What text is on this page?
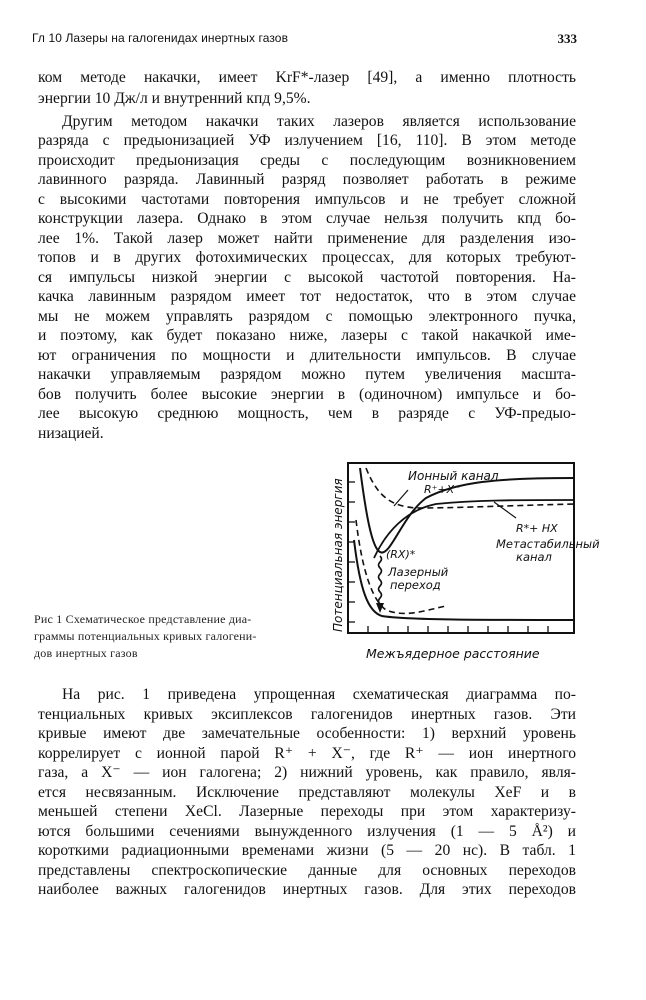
Гл 10 Лазеры на галогенидах инертных газов	333
ком методе накачки, имеет KrF*-лазер [49], а именно плотность
энергии 10 Дж/л и внутренний кпд 9,5%.
Другим методом накачки таких лазеров является использование
разряда с предыонизацией УФ излучением [16, 110]. В этом методе
происходит предыонизация среды с последующим возникновением
лавинного разряда. Лавинный разряд позволяет работать в режиме
с высокими частотами повторения импульсов и не требует сложной
конструкции лазера. Однако в этом случае нельзя получить кпд бо-
лее 1%. Такой лазер может найти применение для разделения изо-
топов и в других фотохимических процессах, для которых требуют-
ся импульсы низкой энергии с высокой частотой повторения. На-
качка лавинным разрядом имеет тот недостаток, что в этом случае
мы не можем управлять разрядом с помощью электронного пучка,
и поэтому, как будет показано ниже, лазеры с такой накачкой име-
ют ограничения по мощности и длительности импульсов. В случае
накачки управляемым разрядом можно путем увеличения масшта-
бов получить более высокие энергии в (одиночном) импульсе и бо-
лее высокую среднюю мощность, чем в разряде с УФ-предыо-
низацией.
Рис 1 Схематическое представление диа-
граммы потенциальных кривых галогени-
дов инертных газов
Ионный канал
R⁺+X⁻
R*+ HX
(RX)*
Метастабильный
канал
Лазерный
переход
Потенциальная энергия
Межъядерное расстояние
На рис. 1 приведена упрощенная схематическая диаграмма по-
тенциальных кривых эксиплексов галогенидов инертных газов. Эти
кривые имеют две замечательные особенности: 1) верхний уровень
коррелирует с ионной парой R⁺ + X⁻, где R⁺ — ион инертного
газа, а X⁻ — ион галогена; 2) нижний уровень, как правило, явля-
ется несвязанным. Исключение представляют молекулы XeF и в
меньшей степени XeCl. Лазерные переходы при этом характеризу-
ются большими сечениями вынужденного излучения (1 — 5 Å²) и
короткими радиационными временами жизни (5 — 20 нс). В табл. 1
представлены спектроскопические данные для основных переходов
наиболее важных галогенидов инертных газов. Для этих переходов
